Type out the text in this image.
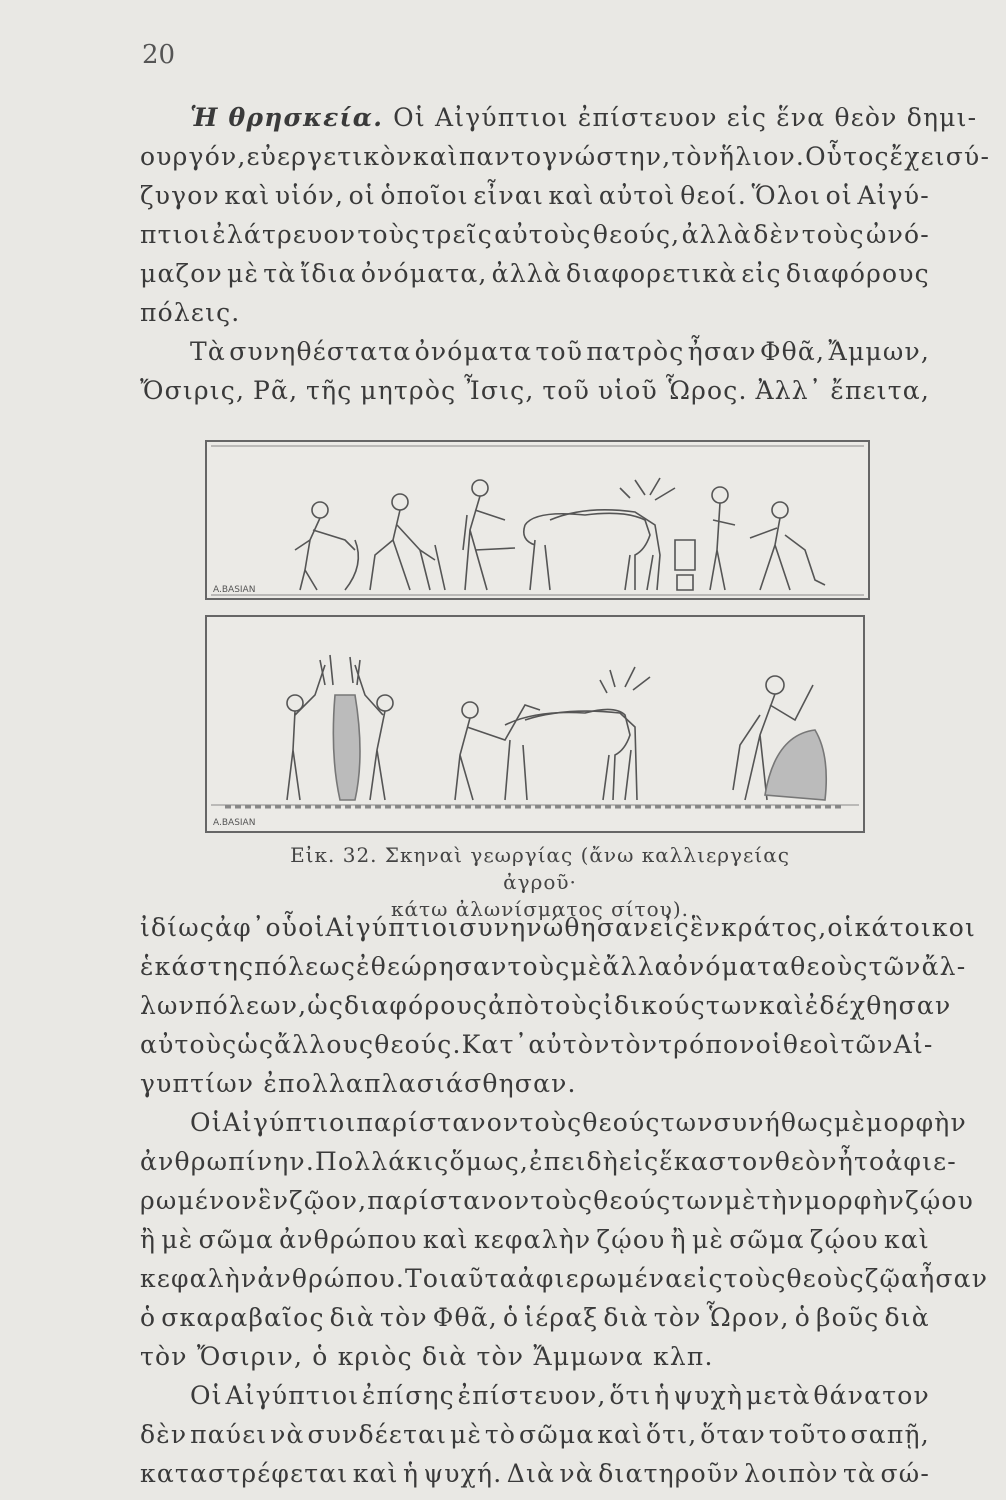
20
Ἡ θρησκεία. Οἱ Αἰγύπτιοι ἐπίστευον εἰς ἕνα θεὸν δημι-
ουργόν, εὐεργετικὸν καὶ παντογνώστην, τὸν ἥλιον. Οὗτος ἔχει σύ-
ζυγον καὶ υἱόν, οἱ ὁποῖοι εἶναι καὶ αὐτοὶ θεοί. Ὅλοι οἱ Αἰγύ-
πτιοι ἐλάτρευον τοὺς τρεῖς αὐτοὺς θεούς, ἀλλὰ δὲν τοὺς ὠνό-
μαζον μὲ τὰ ἴδια ὀνόματα, ἀλλὰ διαφορετικὰ εἰς διαφόρους
πόλεις.
Τὰ συνηθέστατα ὀνόματα τοῦ πατρὸς ἦσαν Φθᾶ, Ἄμμων,
Ὄσιρις, Ρᾶ, τῆς μητρὸς Ἶσις, τοῦ υἱοῦ Ὧρος. Ἀλλ᾽ ἔπειτα,
A.BASIAN
A.BASIAN
Εἰκ. 32. Σκηναὶ γεωργίας (ἄνω καλλιεργείας ἀγροῦ·
κάτω ἀλωνίσματος σίτου).
ἰδίως ἀφ᾽ οὗ οἱ Αἰγύπτιοι συνηνώθησαν εἰς ἓν κράτος, οἱ κάτοικοι
ἑκάστης πόλεως ἐθεώρησαν τοὺς μὲ ἄλλα ὀνόματα θεοὺς τῶν ἄλ-
λων πόλεων, ὡς διαφόρους ἀπὸ τοὺς ἰδικούς των καὶ ἐδέχθησαν
αὐτοὺς ὡς ἄλλους θεούς. Κατ᾽ αὐτὸν τὸν τρόπον οἱ θεοὶ τῶν Αἰ-
γυπτίων ἐπολλαπλασιάσθησαν.
Οἱ Αἰγύπτιοι παρίστανον τοὺς θεούς των συνήθως μὲ μορφὴν
ἀνθρωπίνην. Πολλάκις ὅμως, ἐπειδὴ εἰς ἕκαστον θεὸν ἦτο ἀφιε-
ρωμένον ἓν ζῷον, παρίστανον τοὺς θεούς των μὲ τὴν μορφὴν ζῴου
ἢ μὲ σῶμα ἀνθρώπου καὶ κεφαλὴν ζῴου ἢ μὲ σῶμα ζῴου καὶ
κεφαλὴν ἀνθρώπου. Τοιαῦτα ἀφιερωμένα εἰς τοὺς θεοὺς ζῷα ἦσαν
ὁ σκαραβαῖος διὰ τὸν Φθᾶ, ὁ ἱέραξ διὰ τὸν Ὧρον, ὁ βοῦς διὰ
τὸν Ὄσιριν, ὁ κριὸς διὰ τὸν Ἄμμωνα κλπ.
Οἱ Αἰγύπτιοι ἐπίσης ἐπίστευον, ὅτι ἡ ψυχὴ μετὰ θάνατον
δὲν παύει νὰ συνδέεται μὲ τὸ σῶμα καὶ ὅτι, ὅταν τοῦτο σαπῇ,
καταστρέφεται καὶ ἡ ψυχή. Διὰ νὰ διατηροῦν λοιπὸν τὰ σώ-
